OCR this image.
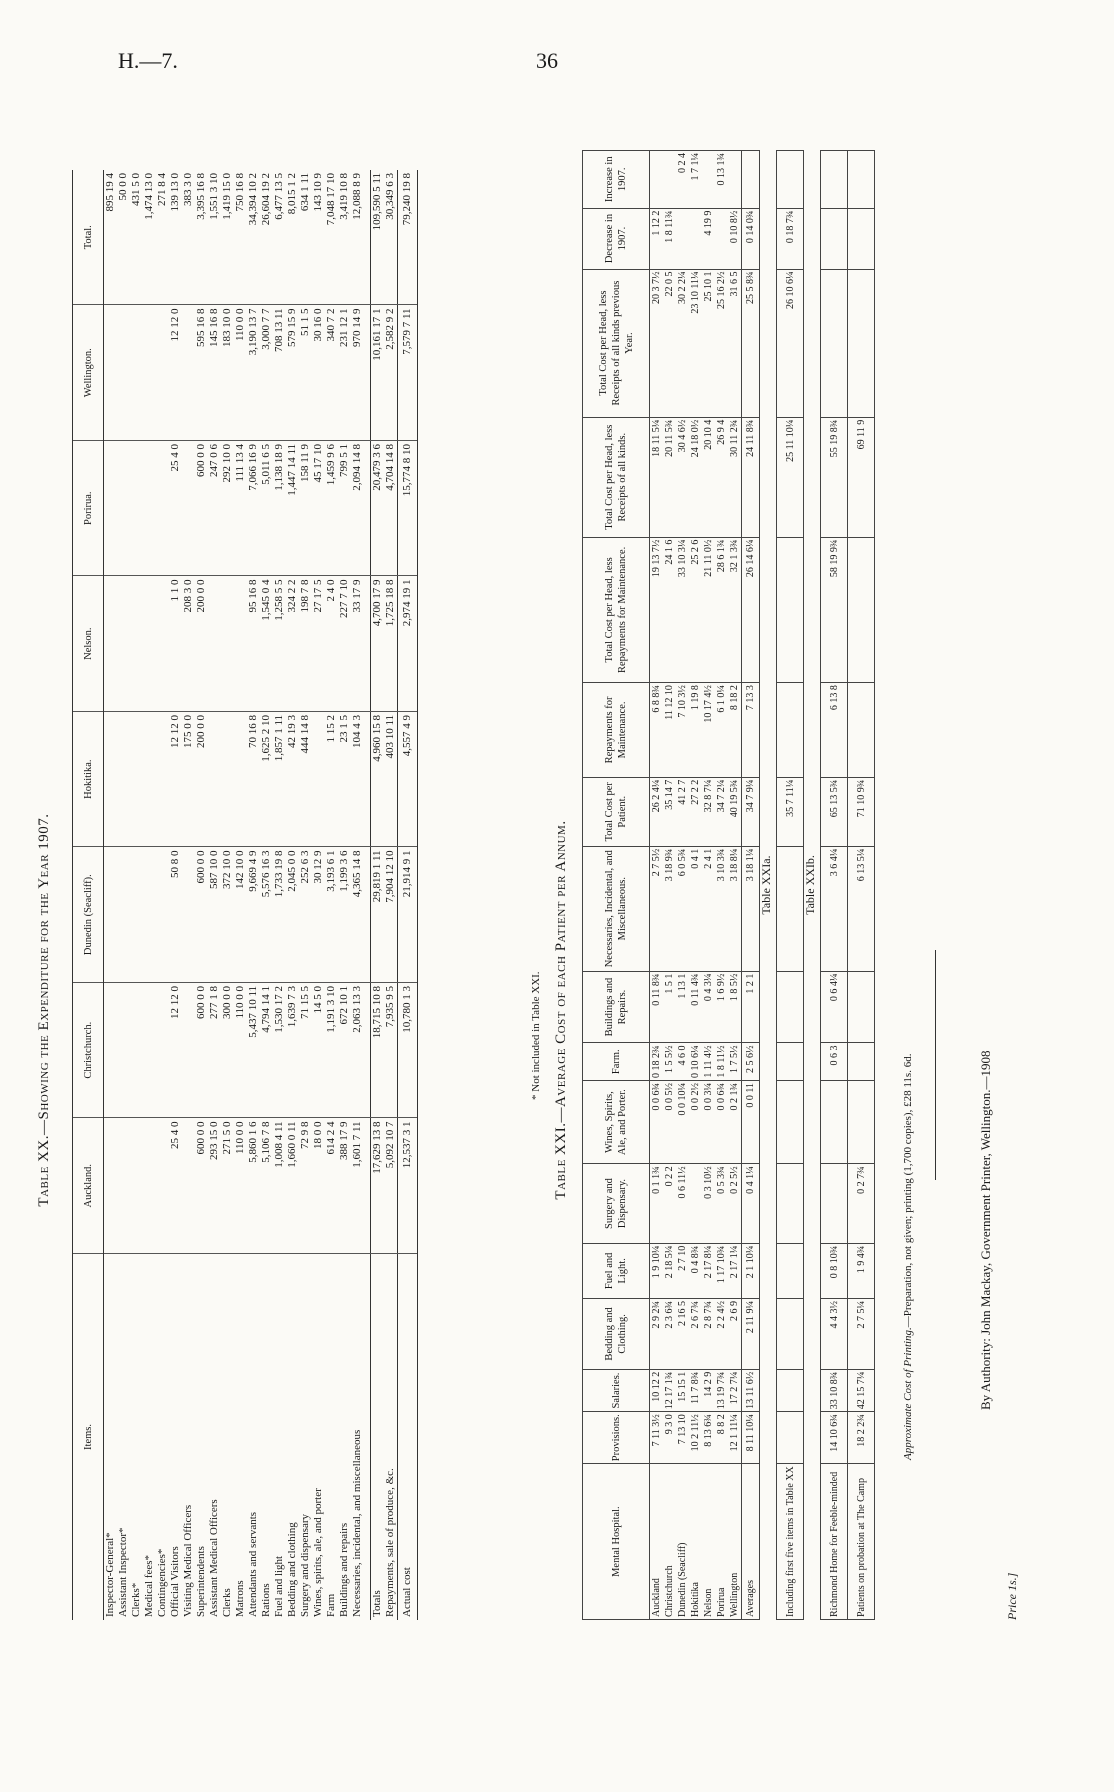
H.—7.	36
Table XX.—Showing the Expenditure for the Year 1907.
Items.	Auckland.	Christchurch.	Dunedin (Seacliff).	Hokitika.	Nelson.	Porirua.	Wellington.	Total.
Inspector-General*								895 19 4
Assistant Inspector*								50 0 0
Clerks*								431 5 0
Medical fees*								1,474 13 0
Contingencies*								271 8 4
Official Visitors	25 4 0	12 12 0	50 8 0	12 12 0	1 1 0	25 4 0	12 12 0	139 13 0
Visiting Medical Officers				175 0 0	208 3 0			383 3 0
Superintendents	600 0 0	600 0 0	600 0 0	200 0 0	200 0 0	600 0 0	595 16 8	3,395 16 8
Assistant Medical Officers	293 15 0	277 1 8	587 10 0			247 0 6	145 16 8	1,551 3 10
Clerks	271 5 0	300 0 0	372 10 0			292 10 0	183 10 0	1,419 15 0
Matrons	110 0 0	110 0 0	142 10 0			111 13 4	110 0 0	750 16 8
Attendants and servants	5,860 1 6	5,437 10 11	9,669 4 9	70 16 8	95 16 8	7,066 16 9	3,190 13 7	34,394 10 2
Rations	5,106 7 8	4,794 14 1	5,576 16 3	1,625 2 10	1,545 0 4	5,011 6 5	3,000 7 7	26,604 19 2
Fuel and light	1,008 4 11	1,530 17 2	1,733 19 8	1,857 1 11	1,258 5 5	1,138 18 9	708 13 11	6,477 13 5
Bedding and clothing	1,660 0 11	1,639 7 3	2,045 0 0	42 19 3	324 2 2	1,447 14 11	579 15 9	8,015 1 2
Surgery and dispensary	72 9 8	71 15 5	252 6 3	444 14 8	198 7 8	158 11 9	51 1 5	634 1 11
Wines, spirits, ale, and porter	18 0 0	14 5 0	30 12 9		27 17 5	45 17 10	30 16 0	143 10 9
Farm	614 2 4	1,191 3 10	3,193 6 1	1 15 2	2 4 0	1,459 9 6	340 7 2	7,048 17 10
Buildings and repairs	388 17 9	672 10 1	1,199 3 6	23 1 5	227 7 10	799 5 1	231 12 1	3,419 10 8
Necessaries, incidental, and miscellaneous	1,601 7 11	2,063 13 3	4,365 14 8	104 4 3	33 17 9	2,094 14 8	970 14 9	12,088 8 9

Totals	17,629 13 8	18,715 10 8	29,819 1 11	4,960 15 8	4,700 17 9	20,479 3 6	10,161 17 1	109,590 5 11
Repayments, sale of produce, &c.	5,092 10 7	7,935 9 5	7,904 12 10	403 10 11	1,725 18 8	4,704 14 8	2,582 9 2	30,349 6 3
Actual cost	12,537 3 1	10,780 1 3	21,914 9 1	4,557 4 9	2,974 19 1	15,774 8 10	7,579 7 11	79,240 19 8
* Not included in Table XXI.
Table XXI.—Average Cost of each Patient per Annum.
Mental Hospital.	Provisions.	Salaries.	Bedding and Clothing.	Fuel and Light.	Surgery and Dispensary.	Wines, Spirits, Ale, and Porter.	Farm.	Buildings and Repairs.	Necessaries, Incidental, and Miscellaneous.	Total Cost per Patient.	Repayments for Maintenance.	Total Cost per Head, less Repayments for Maintenance.	Total Cost per Head, less Receipts of all kinds.	Total Cost per Head, less Receipts of all kinds previous Year.	Decrease in 1907.	Increase in 1907.
Auckland	7 11 3½	10 12 2	2 9 2¾	1 9 10¼	0 1 1¾	0 0 6¾	0 18 2¾	0 11 8¾	2 7 5½	26 2 4¼	6 8 8¾	19 13 7½	18 11 5¼	20 3 7½	1 12 2	
Christchurch	9 3 0	12 17 1¾	2 3 6¾	2 18 5¼	0 2 2	0 0 5½	1 5 5½	1 5 1	3 18 9¾	35 14 7	11 12 10	24 1 6	20 11 5¾	22 0 5	1 8 11¾	
Dunedin (Seacliff)	7 13 10	15 15 1	2 16 5	2 7 10	0 6 11½	0 0 10¼	4 6 0	1 13 1	6 0 5¾	41 2 7	7 10 3½	33 10 3¼	30 4 6½	30 2 2¼		0 2 4
Hokitika	10 2 11½	11 7 8¾	2 6 7¾	0 4 8¾		0 0 2½	0 10 6¼	0 11 4¾	0 4 1	27 2 2	1 19 8	25 2 6	24 18 0½	23 10 11¼		1 7 1¼
Nelson	8 13 6¾	14 2 9	2 8 7¾	2 17 8¼	0 3 10½	0 0 3¼	1 11 4½	0 4 3¼	2 4 1	32 8 7¼	10 17 4½	21 11 0½	20 10 4	25 10 1	4 19 9	
Porirua	8 8 2	13 19 7¾	2 2 4½	1 17 10¾	0 5 3¾	0 0 6¾	1 8 11½	1 6 9½	3 10 3¾	34 7 2¼	6 1 0¼	28 6 1¾	26 9 4	25 16 2½		0 13 1¾
Wellington	12 1 11¼	17 2 7¼	2 6 9	2 17 1¼	0 2 5½	0 2 1¾	1 7 5½	1 8 5½	3 18 8¼	40 19 5¾	8 18 2	32 1 3¾	30 11 2¾	31 6 5	0 10 8½	
Averages	8 11 10¼	13 11 6½	2 11 9¼	2 1 10¼	0 4 1¼	0 0 11	2 5 6½	1 2 1	3 18 1¼	34 7 9¼	7 13 3	26 14 6¼	24 11 8¾	25 5 8¾	0 14 0¾	
Table XXIa.																
Including first five items in Table XX										35 7 11¼			25 11 10¼	26 10 6¼	0 18 7¾	
Table XXIb.																
Richmond Home for Feeble-minded	14 10 6¾	33 10 8¾	4 4 3½	0 8 10¾			0 6 3	0 6 4¼	3 6 4¼	65 13 5¾	6 13 8	58 19 9¾	55 19 8¾			
Patients on probation at The Camp	18 2 2¾	42 15 7¼	2 7 5¼	1 9 4¾	0 2 7¾				6 13 5¼	71 10 9¾			69 11 9			
Approximate Cost of Printing.—Preparation, not given; printing (1,700 copies), £28 11s. 6d.	By Authority: John Mackay, Government Printer, Wellington.—1908
Price 1s.]
